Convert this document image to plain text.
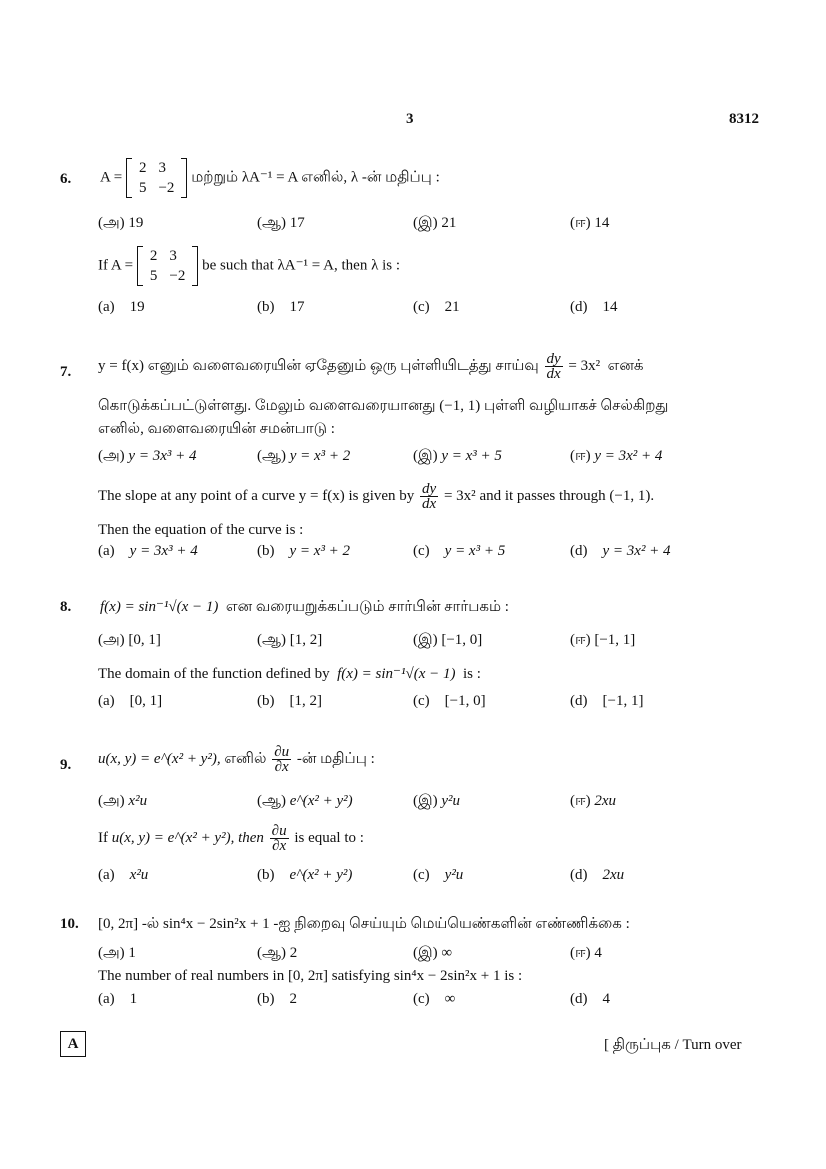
3	8312
6. A =
2	3
5	−2
மற்றும் λA⁻¹ = A எனில், λ -ன் மதிப்பு :
(அ) 19	(ஆ) 17	(இ) 21	(ஈ) 14
If A =
2	3
5	−2
be such that λA⁻¹ = A, then λ is :
(a) 19	(b) 17	(c) 21	(d) 14
7. y = f(x) எனும் வளைவரையின் ஏதேனும் ஒரு புள்ளியிடத்து சாய்வு $\frac{dy}{dx} = 3x^2$ எனக்
கொடுக்கப்பட்டுள்ளது. மேலும் வளைவரையானது (−1, 1) புள்ளி வழியாகச் செல்கிறது
எனில், வளைவரையின் சமன்பாடு :
(அ) y = 3x³ + 4	(ஆ) y = x³ + 2	(இ) y = x³ + 5	(ஈ) y = 3x² + 4
The slope at any point of a curve y = f(x) is given by $\frac{dy}{dx} = 3x^2$ and it passes through (−1, 1).
Then the equation of the curve is :
(a) y = 3x³ + 4	(b) y = x³ + 2	(c) y = x³ + 5	(d) y = 3x² + 4
8. f(x) = sin⁻¹√(x − 1) என வரையறுக்கப்படும் சார்பின் சார்பகம் :
(அ) [0, 1]	(ஆ) [1, 2]	(இ) [−1, 0]	(ஈ) [−1, 1]
The domain of the function defined by f(x) = sin⁻¹√(x − 1) is :
(a) [0, 1]	(b) [1, 2]	(c) [−1, 0]	(d) [−1, 1]
9. u(x, y) = e^(x² + y²), எனில் $\frac{\partial u}{\partial x}$ -ன் மதிப்பு :
(அ) x²u	(ஆ) e^(x² + y²)	(இ) y²u	(ஈ) 2xu
If u(x, y) = e^(x² + y²), then $\frac{\partial u}{\partial x}$ is equal to :
(a) x²u	(b) e^(x² + y²)	(c) y²u	(d) 2xu
10. [0, 2π] -ல் sin⁴x − 2sin²x + 1 -ஐ நிறைவு செய்யும் மெய்யெண்களின் எண்ணிக்கை :
(அ) 1	(ஆ) 2	(இ) ∞	(ஈ) 4
The number of real numbers in [0, 2π] satisfying sin⁴x − 2sin²x + 1 is :
(a) 1	(b) 2	(c) ∞	(d) 4
A	[ திருப்புக / Turn over
